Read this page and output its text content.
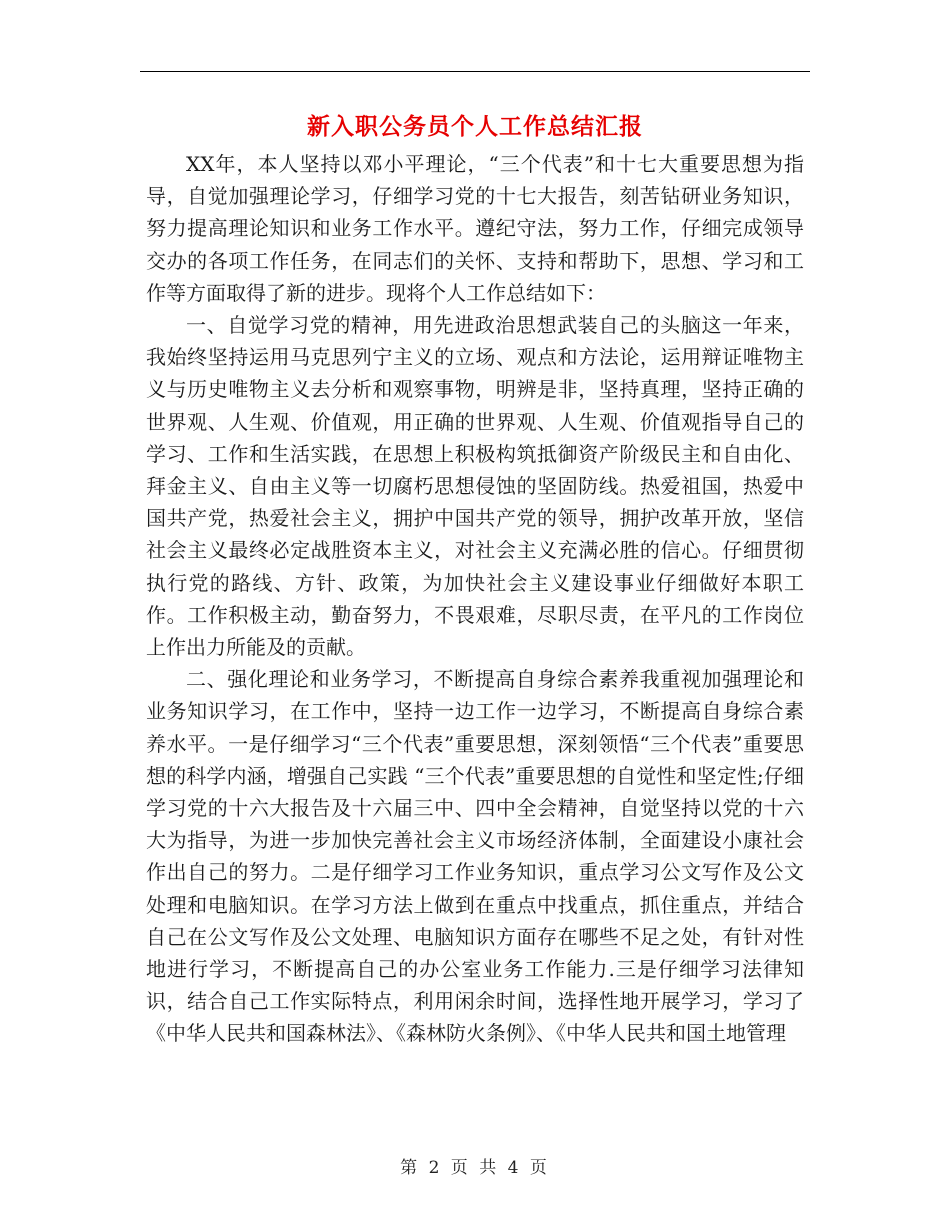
新入职公务员个人工作总结汇报

XX年，本人坚持以邓小平理论，“三个代表”和十七大重要思想为指导，自觉加强理论学习，仔细学习党的十七大报告，刻苦钻研业务知识，努力提高理论知识和业务工作水平。遵纪守法，努力工作，仔细完成领导交办的各项工作任务，在同志们的关怀、支持和帮助下，思想、学习和工作等方面取得了新的进步。现将个人工作总结如下：

一、自觉学习党的精神，用先进政治思想武装自己的头脑这一年来，我始终坚持运用马克思列宁主义的立场、观点和方法论，运用辩证唯物主义与历史唯物主义去分析和观察事物，明辨是非，坚持真理，坚持正确的世界观、人生观、价值观，用正确的世界观、人生观、价值观指导自己的学习、工作和生活实践，在思想上积极构筑抵御资产阶级民主和自由化、拜金主义、自由主义等一切腐朽思想侵蚀的坚固防线。热爱祖国，热爱中国共产党，热爱社会主义，拥护中国共产党的领导，拥护改革开放，坚信社会主义最终必定战胜资本主义，对社会主义充满必胜的信心。仔细贯彻执行党的路线、方针、政策，为加快社会主义建设事业仔细做好本职工作。工作积极主动，勤奋努力，不畏艰难，尽职尽责，在平凡的工作岗位上作出力所能及的贡献。

二、强化理论和业务学习，不断提高自身综合素养我重视加强理论和业务知识学习，在工作中，坚持一边工作一边学习，不断提高自身综合素养水平。一是仔细学习“三个代表”重要思想，深刻领悟“三个代表”重要思想的科学内涵，增强自己实践 “三个代表”重要思想的自觉性和坚定性;仔细学习党的十六大报告及十六届三中、四中全会精神，自觉坚持以党的十六大为指导，为进一步加快完善社会主义市场经济体制，全面建设小康社会作出自己的努力。二是仔细学习工作业务知识，重点学习公文写作及公文处理和电脑知识。在学习方法上做到在重点中找重点，抓住重点，并结合自己在公文写作及公文处理、电脑知识方面存在哪些不足之处，有针对性地进行学习，不断提高自己的办公室业务工作能力.三是仔细学习法律知识，结合自己工作实际特点，利用闲余时间，选择性地开展学习，学习了《中华人民共和国森林法》、《森林防火条例》、《中华人民共和国土地管理

第 2 页 共 4 页
